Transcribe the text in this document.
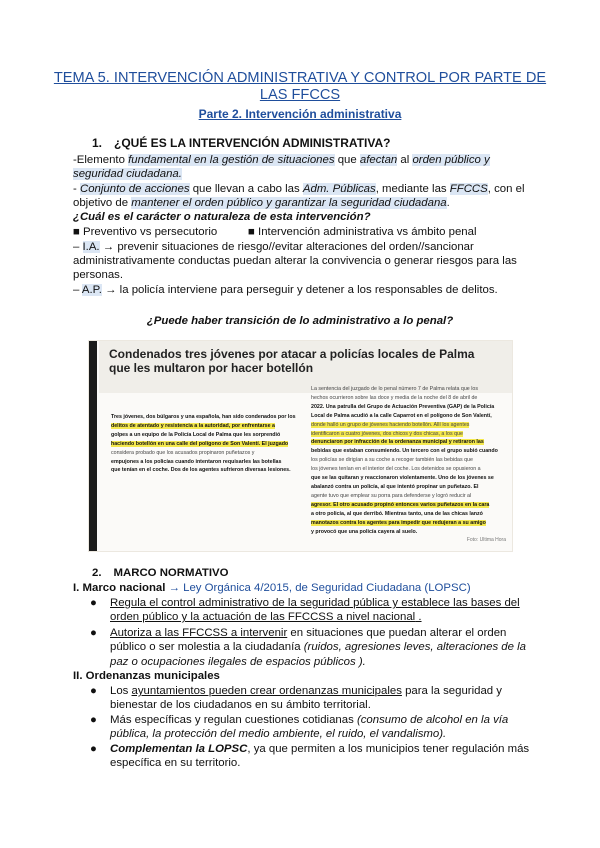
TEMA 5. INTERVENCIÓN ADMINISTRATIVA Y CONTROL POR PARTE DE LAS FFCCS
Parte 2. Intervención administrativa
1. ¿QUÉ ES LA INTERVENCIÓN ADMINISTRATIVA?
-Elemento fundamental en la gestión de situaciones que afectan al orden público y
seguridad ciudadana.
- Conjunto de acciones que llevan a cabo las Adm. Públicas, mediante las FFCCS, con el
objetivo de mantener el orden público y garantizar la seguridad ciudadana.
¿Cuál es el carácter o naturaleza de esta intervención?
■ Preventivo vs persecutorio	■ Intervención administrativa vs ámbito penal
– I.A. → prevenir situaciones de riesgo//evitar alteraciones del orden//sancionar
administrativamente conductas puedan alterar la convivencia o generar riesgos para las
personas.
– A.P. → la policía interviene para perseguir y detener a los responsables de delitos.
¿Puede haber transición de lo administrativo a lo penal?
Condenados tres jóvenes por atacar a policías locales de Palma
que les multaron por hacer botellón
Tres jóvenes, dos búlgaros y una española, han sido condenados por los
delitos de atentado y resistencia a la autoridad, por enfrentarse a
golpes a un equipo de la Policía Local de Palma que les sorprendió
haciendo botellón en una calle del polígono de Son Valentí. El juzgado
considera probado que los acusados propinaron puñetazos y
empujones a los policías cuando intentaron requisarles las botellas
que tenían en el coche. Dos de los agentes sufrieron diversas lesiones.
La sentencia del juzgado de lo penal número 7 de Palma relata que los
hechos ocurrieron sobre las doce y media de la noche del 8 de abril de
2022. Una patrulla del Grupo de Actuación Preventiva (GAP) de la Policía
Local de Palma acudió a la calle Caparrot en el polígono de Son Valentí,
donde halló un grupo de jóvenes haciendo botellón. Allí los agentes
identificaron a cuatro jóvenes, dos chicos y dos chicas, a los que
denunciaron por infracción de la ordenanza municipal y retiraron las
bebidas que estaban consumiendo. Un tercero con el grupo subió cuando
los policías se dirigían a su coche a recoger también las bebidas que
los jóvenes tenían en el interior del coche. Los detenidos se opusieron a
que se las quitaran y reaccionaron violentamente. Uno de los jóvenes se
abalanzó contra un policía, al que intentó propinar un puñetazo. El
agente tuvo que emplear su porra para defenderse y logró reducir al
agresor. El otro acusado propinó entonces varios puñetazos en la cara
a otro policía, al que derribó. Mientras tanto, una de las chicas lanzó
manotazos contra los agentes para impedir que redujeran a su amigo
y provocó que una policía cayera al suelo.
Foto: Ultima Hora
2. MARCO NORMATIVO
I. Marco nacional → Ley Orgánica 4/2015, de Seguridad Ciudadana (LOPSC)
● Regula el control administrativo de la seguridad pública y establece las bases del
orden público y la actuación de las FFCCSS a nivel nacional .
● Autoriza a las FFCCSS a intervenir en situaciones que puedan alterar el orden
público o ser molestia a la ciudadanía (ruidos, agresiones leves, alteraciones de la
paz o ocupaciones ilegales de espacios públicos ).
II. Ordenanzas municipales
● Los ayuntamientos pueden crear ordenanzas municipales para la seguridad y
bienestar de los ciudadanos en su ámbito territorial.
● Más específicas y regulan cuestiones cotidianas (consumo de alcohol en la vía
pública, la protección del medio ambiente, el ruido, el vandalismo).
● Complementan la LOPSC, ya que permiten a los municipios tener regulación más
específica en su territorio.
